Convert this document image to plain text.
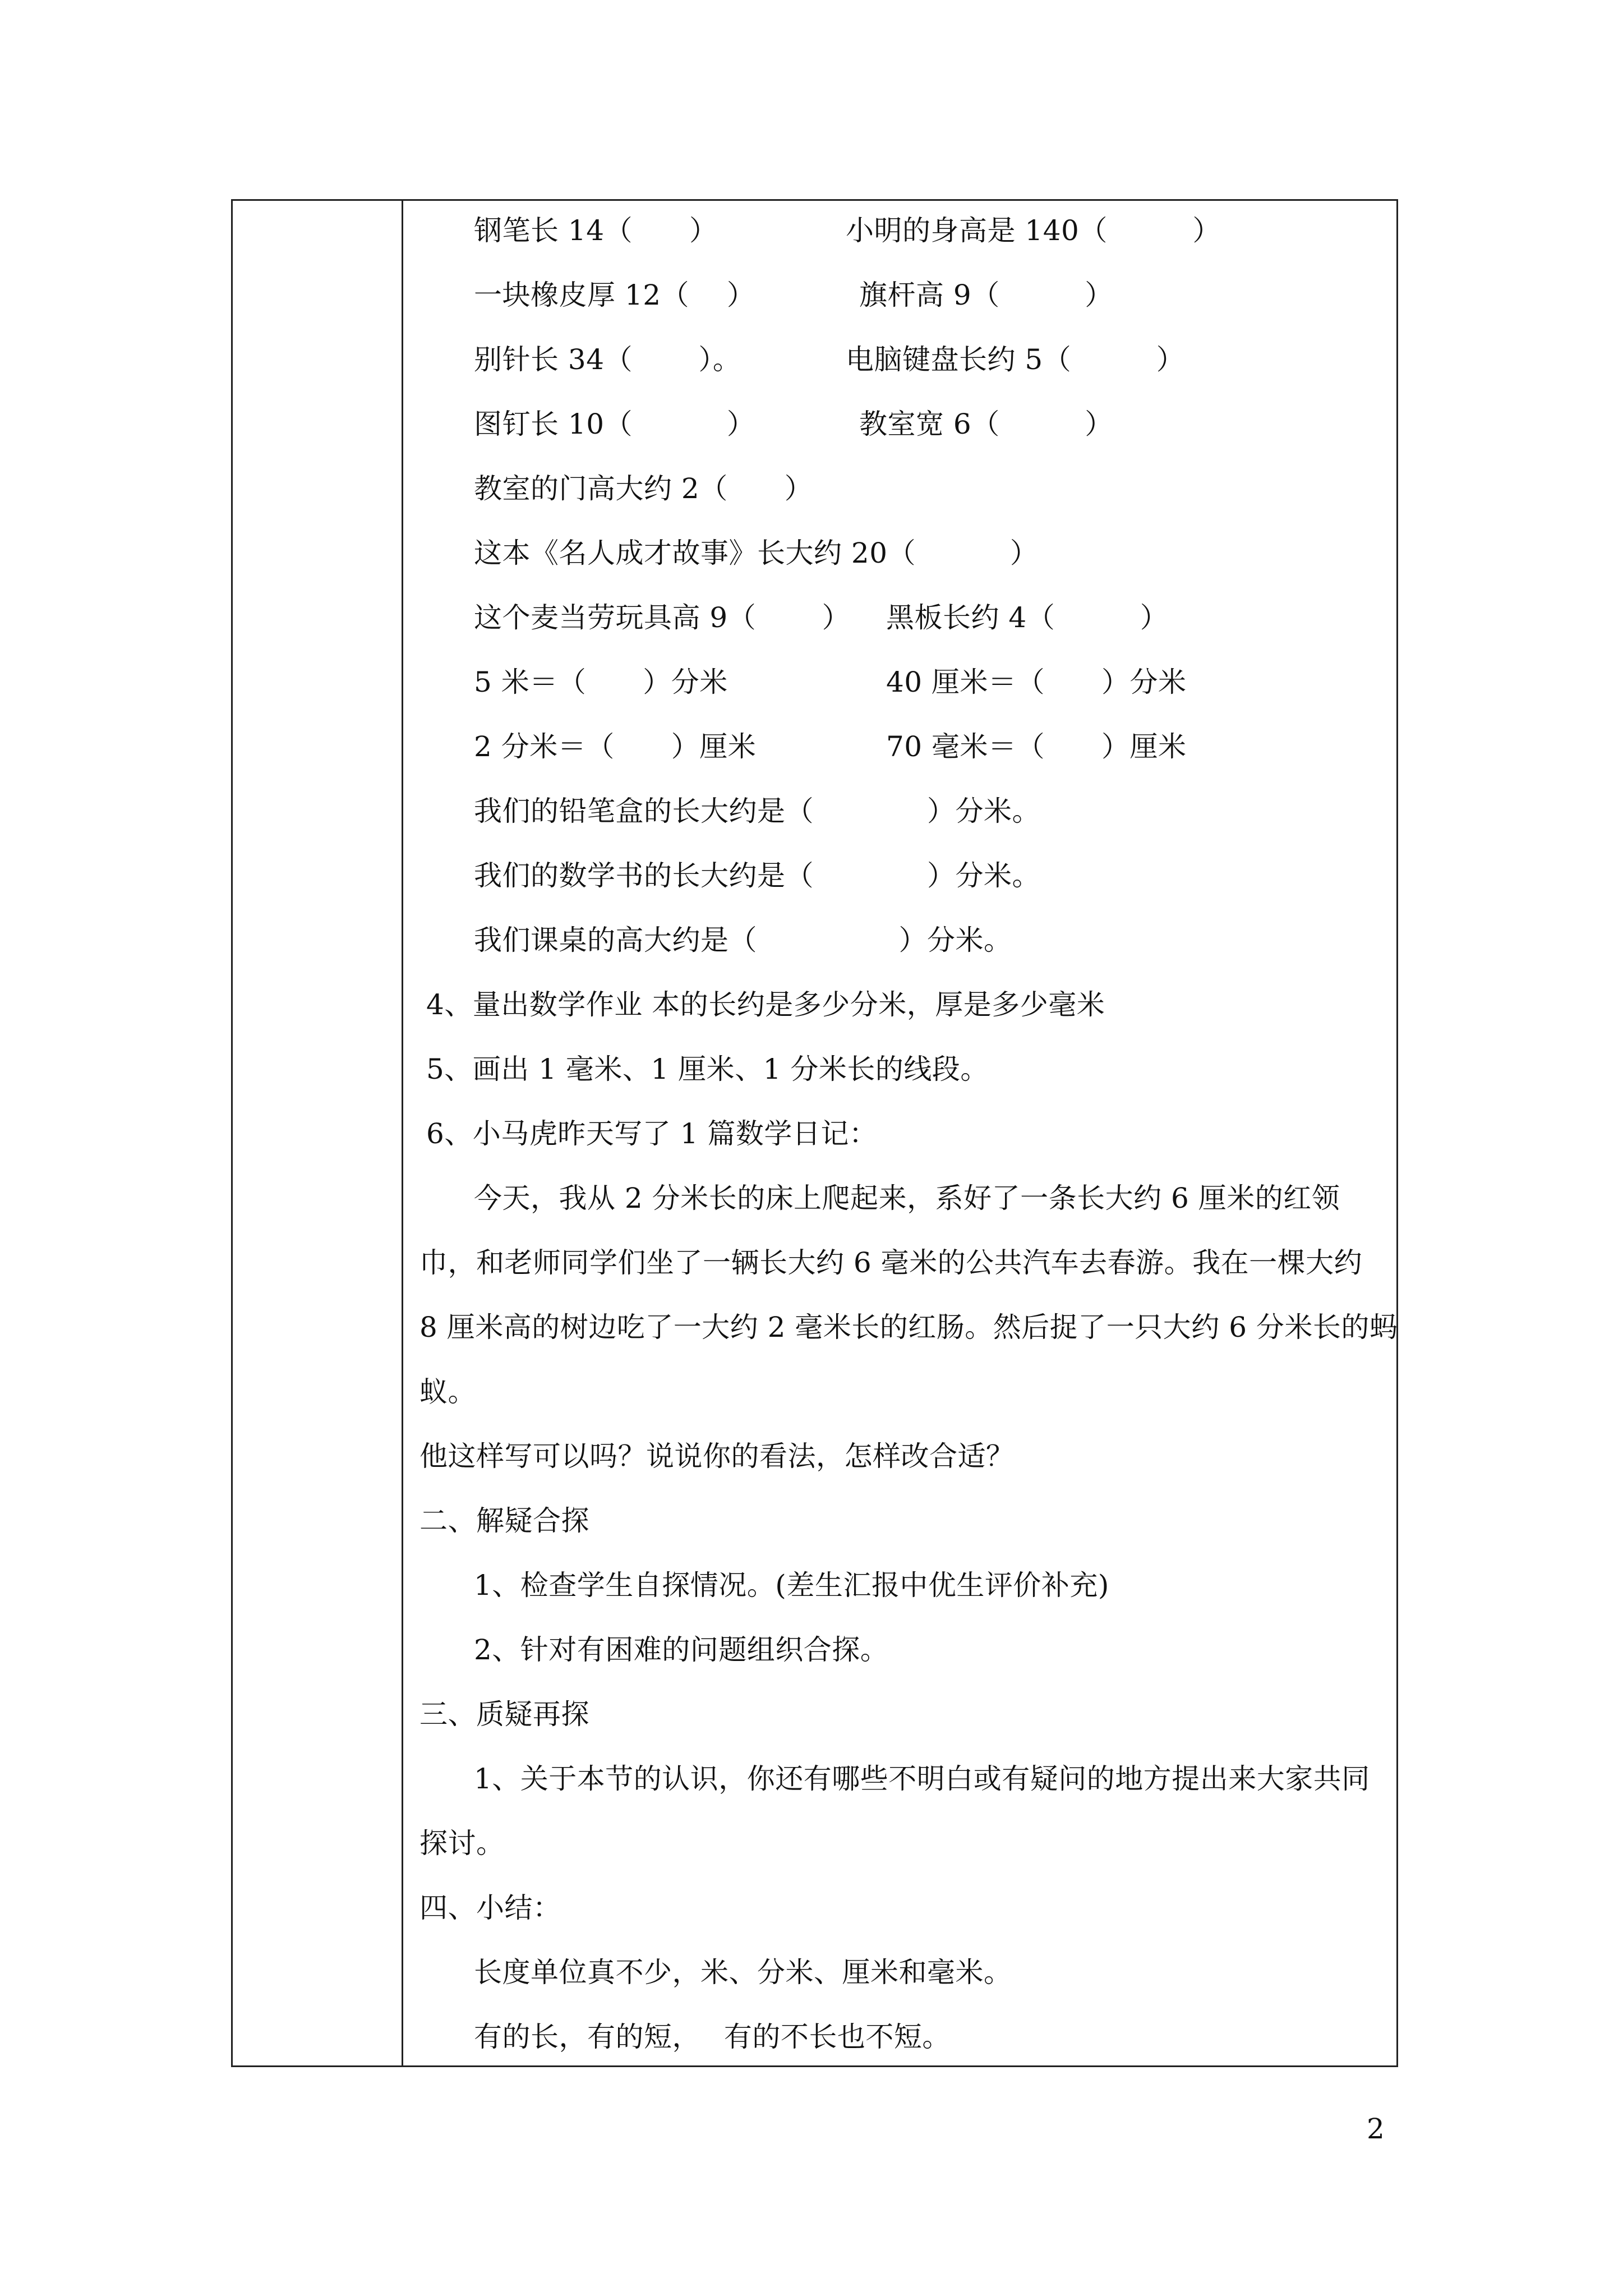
钢笔长 14（　　）	小明的身高是 140（　　　）
一块橡皮厚 12（　 ）	旗杆高 9（　　　）
别针长 34（　　 ）。	电脑键盘长约 5（　　　）
图钉长 10（　　　 ）	教室宽 6（　　　）
教室的门高大约 2（　　）
这本《名人成才故事》长大约 20（　　　 ）
这个麦当劳玩具高 9（　　 ） 黑板长约 4（　　　）
5 米＝（　　）分米	40 厘米＝（　　）分米
2 分米＝（　　）厘米	70 毫米＝（　　）厘米
我们的铅笔盒的长大约是（　　　　）分米。
我们的数学书的长大约是（　　　　）分米。
我们课桌的高大约是（　　　　　）分米。
4、量出数学作业 本的长约是多少分米，厚是多少毫米
5、画出 1 毫米、1 厘米、1 分米长的线段。
6、小马虎昨天写了 1 篇数学日记：
今天，我从 2 分米长的床上爬起来，系好了一条长大约 6 厘米的红领
巾，和老师同学们坐了一辆长大约 6 毫米的公共汽车去春游。我在一棵大约
8 厘米高的树边吃了一大约 2 毫米长的红肠。然后捉了一只大约 6 分米长的蚂
蚁。
他这样写可以吗？说说你的看法，怎样改合适？
二、解疑合探
1、检查学生自探情况。(差生汇报中优生评价补充)
2、针对有困难的问题组织合探。
三、质疑再探
1、关于本节的认识，你还有哪些不明白或有疑问的地方提出来大家共同
探讨。
四、小结：
长度单位真不少，米、分米、厘米和毫米。
有的长，有的短，　 有的不长也不短。
2
